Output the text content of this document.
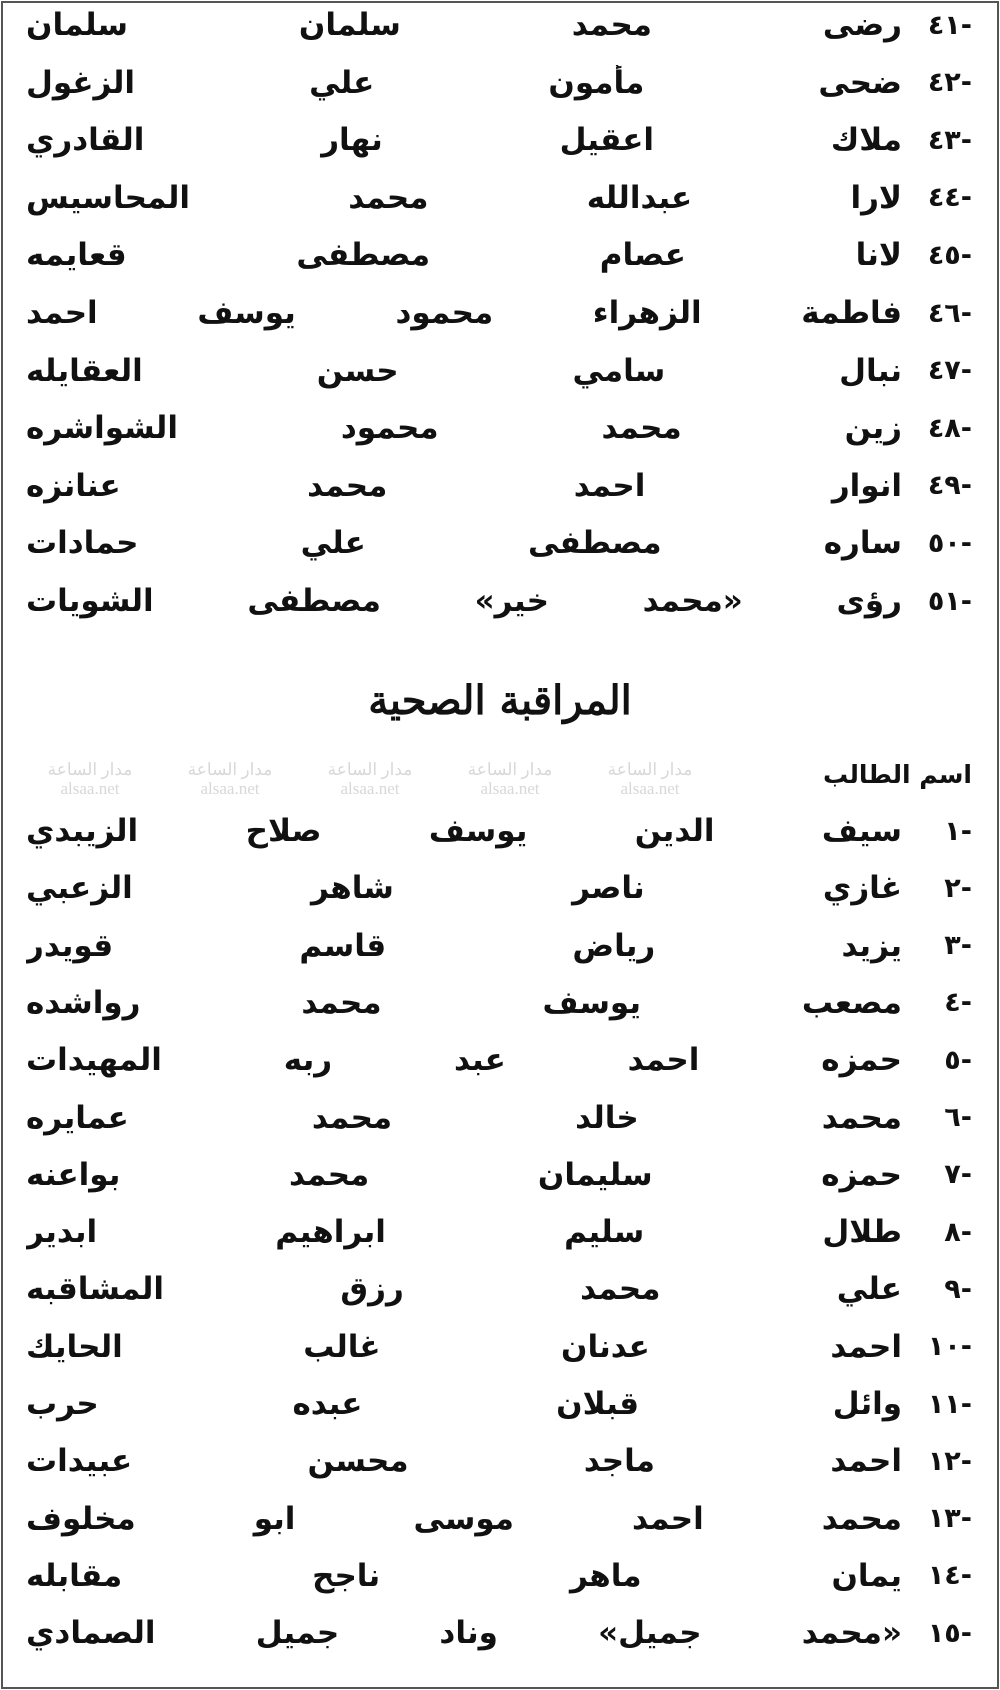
-٤١
رضى محمد سلمان سلمان
-٤٢
ضحى مأمون علي الزغول
-٤٣
ملاك اعقيل نهار القادري
-٤٤
لارا عبدالله محمد المحاسيس
-٤٥
لانا عصام مصطفى قعايمه
-٤٦
فاطمة الزهراء محمود يوسف احمد
-٤٧
نبال سامي حسن العقايله
-٤٨
زين محمد محمود الشواشره
-٤٩
انوار احمد محمد عنانزه
-٥٠
ساره مصطفى علي حمادات
-٥١
رؤى «محمد خير» مصطفى الشويات
المراقبة الصحية
اسم الطالب
-١
سيف الدين يوسف صلاح الزيبدي
-٢
غازي ناصر شاهر الزعبي
-٣
يزيد رياض قاسم قويدر
-٤
مصعب يوسف محمد رواشده
-٥
حمزه احمد عبد ربه المهيدات
-٦
محمد خالد محمد عمايره
-٧
حمزه سليمان محمد بواعنه
-٨
طلال سليم ابراهيم ابدير
-٩
علي محمد رزق المشاقبه
-١٠
احمد عدنان غالب الحايك
-١١
وائل قبلان عبده حرب
-١٢
احمد ماجد محسن عبيدات
-١٣
محمد احمد موسى ابو مخلوف
-١٤
يمان ماهر ناجح مقابله
-١٥
«محمد جميل» وناد جميل الصمادي
مدار الساعة
alsaa.net
مدار الساعة
alsaa.net
مدار الساعة
alsaa.net
مدار الساعة
alsaa.net
مدار الساعة
alsaa.net
